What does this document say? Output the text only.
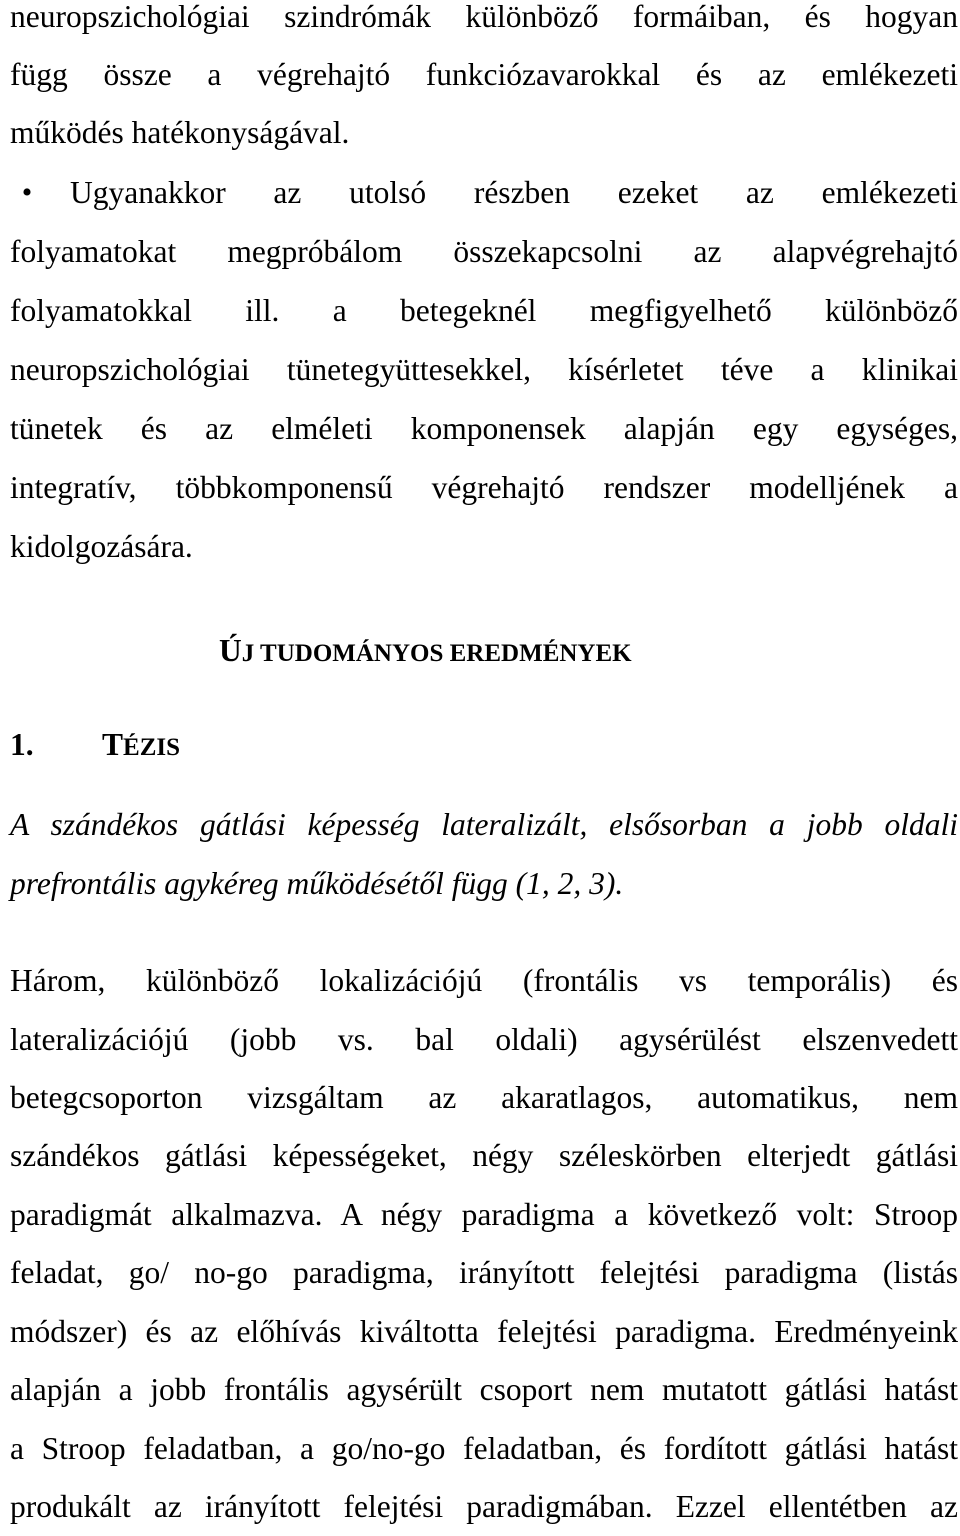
neuropszichológiai szindrómák különböző formáiban, és hogyan
függ össze a végrehajtó funkciózavarokkal és az emlékezeti
működés hatékonyságával.
•	Ugyanakkor az utolsó részben ezeket az emlékezeti
folyamatokat megpróbálom összekapcsolni az alapvégrehajtó
folyamatokkal ill. a betegeknél megfigyelhető különböző
neuropszichológiai tünetegyüttesekkel, kísérletet téve a klinikai
tünetek és az elméleti komponensek alapján egy egységes,
integratív, többkomponensű végrehajtó rendszer modelljének a
kidolgozására.
ÚJ TUDOMÁNYOS EREDMÉNYEK
1. TÉZIS
A szándékos gátlási képesség lateralizált, elsősorban a jobb oldali
prefrontális agykéreg működésétől függ (1, 2, 3).
Három, különböző lokalizációjú (frontális vs temporális) és
lateralizációjú (jobb vs. bal oldali) agysérülést elszenvedett
betegcsoporton vizsgáltam az akaratlagos, automatikus, nem
szándékos gátlási képességeket, négy széleskörben elterjedt gátlási
paradigmát alkalmazva. A négy paradigma a következő volt: Stroop
feladat, go/ no-go paradigma, irányított felejtési paradigma (listás
módszer) és az előhívás kiváltotta felejtési paradigma. Eredményeink
alapján a jobb frontális agysérült csoport nem mutatott gátlási hatást
a Stroop feladatban, a go/no-go feladatban, és fordított gátlási hatást
produkált az irányított felejtési paradigmában. Ezzel ellentétben az
